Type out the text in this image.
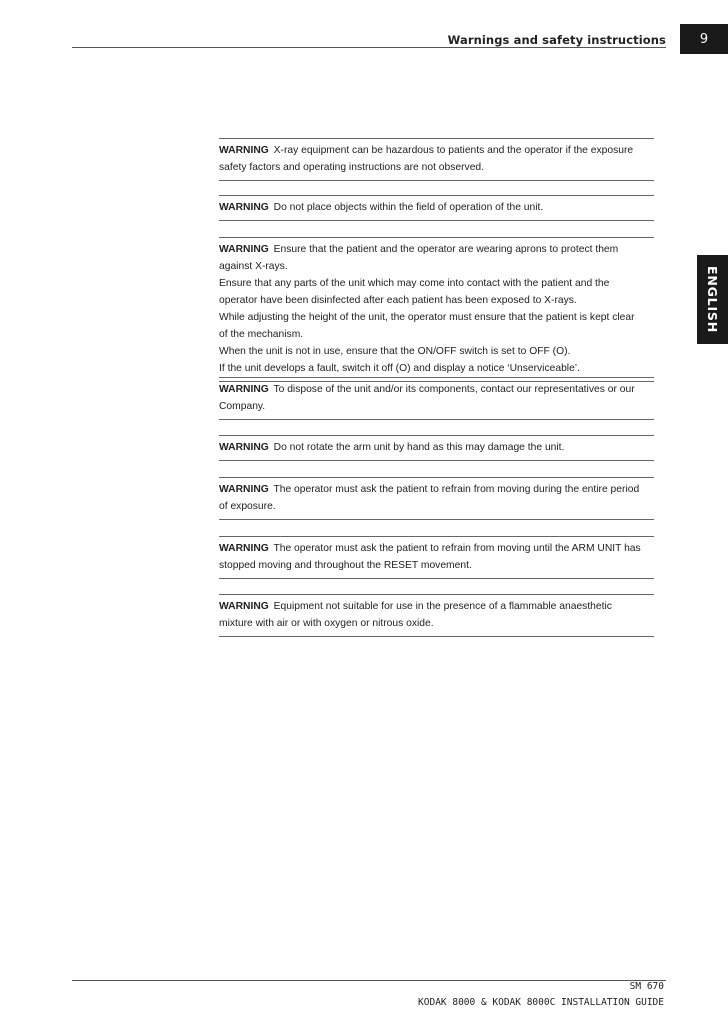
Warnings and safety instructions	9
ENGLISH

WARNING X-ray equipment can be hazardous to patients and the operator if the exposure

safety factors and operating instructions are not observed.

WARNING Do not place objects within the field of operation of the unit.

WARNING Ensure that the patient and the operator are wearing aprons to protect them

against X-rays.

Ensure that any parts of the unit which may come into contact with the patient and the

operator have been disinfected after each patient has been exposed to X-rays.

While adjusting the height of the unit, the operator must ensure that the patient is kept clear

of the mechanism.

When the unit is not in use, ensure that the ON/OFF switch is set to OFF (O).

If the unit develops a fault, switch it off (O) and display a notice ‘Unserviceable’.

WARNING To dispose of the unit and/or its components, contact our representatives or our

Company.

WARNING Do not rotate the arm unit by hand as this may damage the unit.

WARNING The operator must ask the patient to refrain from moving during the entire period

of exposure.

WARNING The operator must ask the patient to refrain from moving until the ARM UNIT has

stopped moving and throughout the RESET movement.

WARNING Equipment not suitable for use in the presence of a flammable anaesthetic

mixture with air or with oxygen or nitrous oxide.

SM 670
KODAK 8000 & KODAK 8000C INSTALLATION GUIDE
